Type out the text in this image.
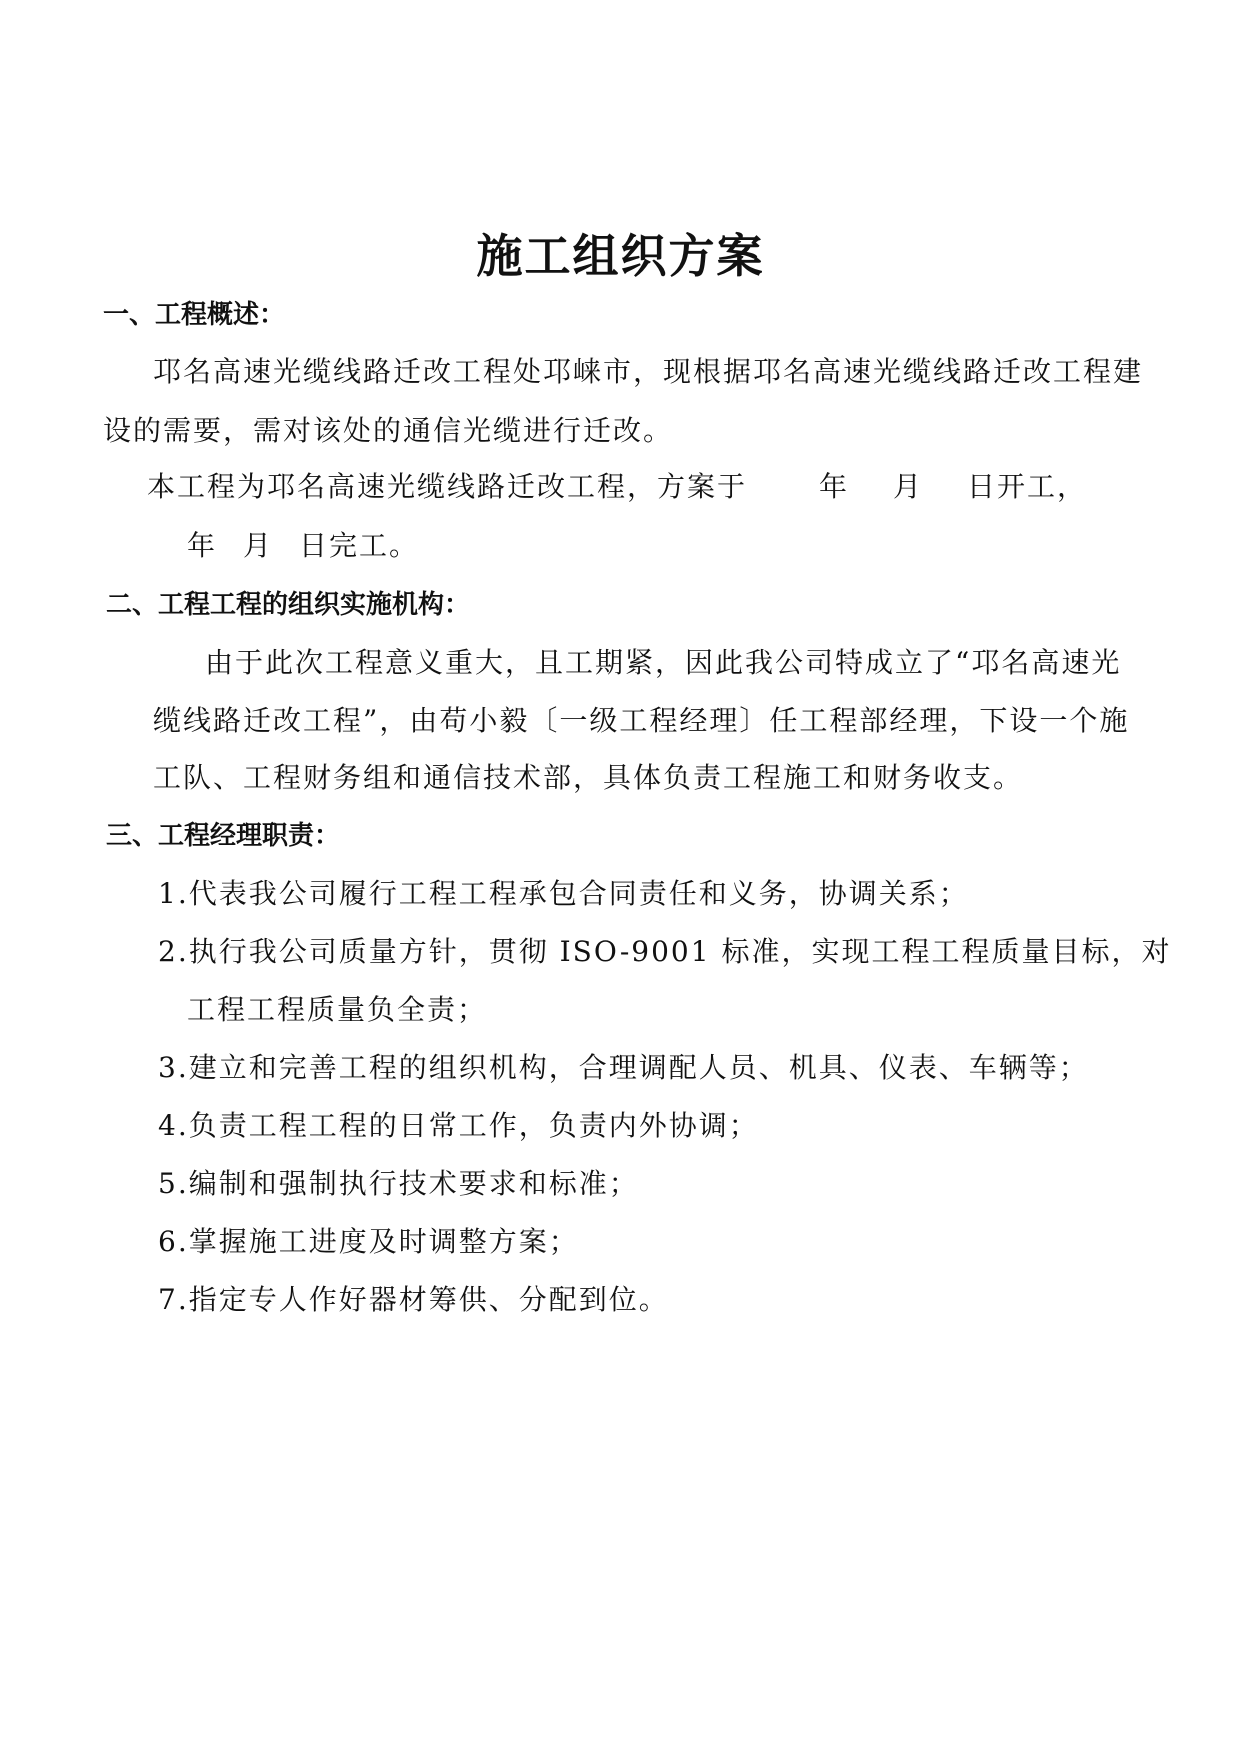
施工组织方案
一、工程概述：
邛名高速光缆线路迁改工程处邛崃市，现根据邛名高速光缆线路迁改工程建
设的需要，需对该处的通信光缆进行迁改。
本工程为邛名高速光缆线路迁改工程，方案于	年 月 日开工，
年 月 日完工。
二、工程工程的组织实施机构：
由于此次工程意义重大，且工期紧，因此我公司特成立了“邛名高速光
缆线路迁改工程”，由苟小毅〔一级工程经理〕任工程部经理，下设一个施
工队、工程财务组和通信技术部，具体负责工程施工和财务收支。
三、工程经理职责：
1.代表我公司履行工程工程承包合同责任和义务，协调关系；
2.执行我公司质量方针，贯彻 ISO-9001 标准，实现工程工程质量目标，对
工程工程质量负全责；
3.建立和完善工程的组织机构，合理调配人员、机具、仪表、车辆等；
4.负责工程工程的日常工作，负责内外协调；
5.编制和强制执行技术要求和标准；
6.掌握施工进度及时调整方案；
7.指定专人作好器材筹供、分配到位。
